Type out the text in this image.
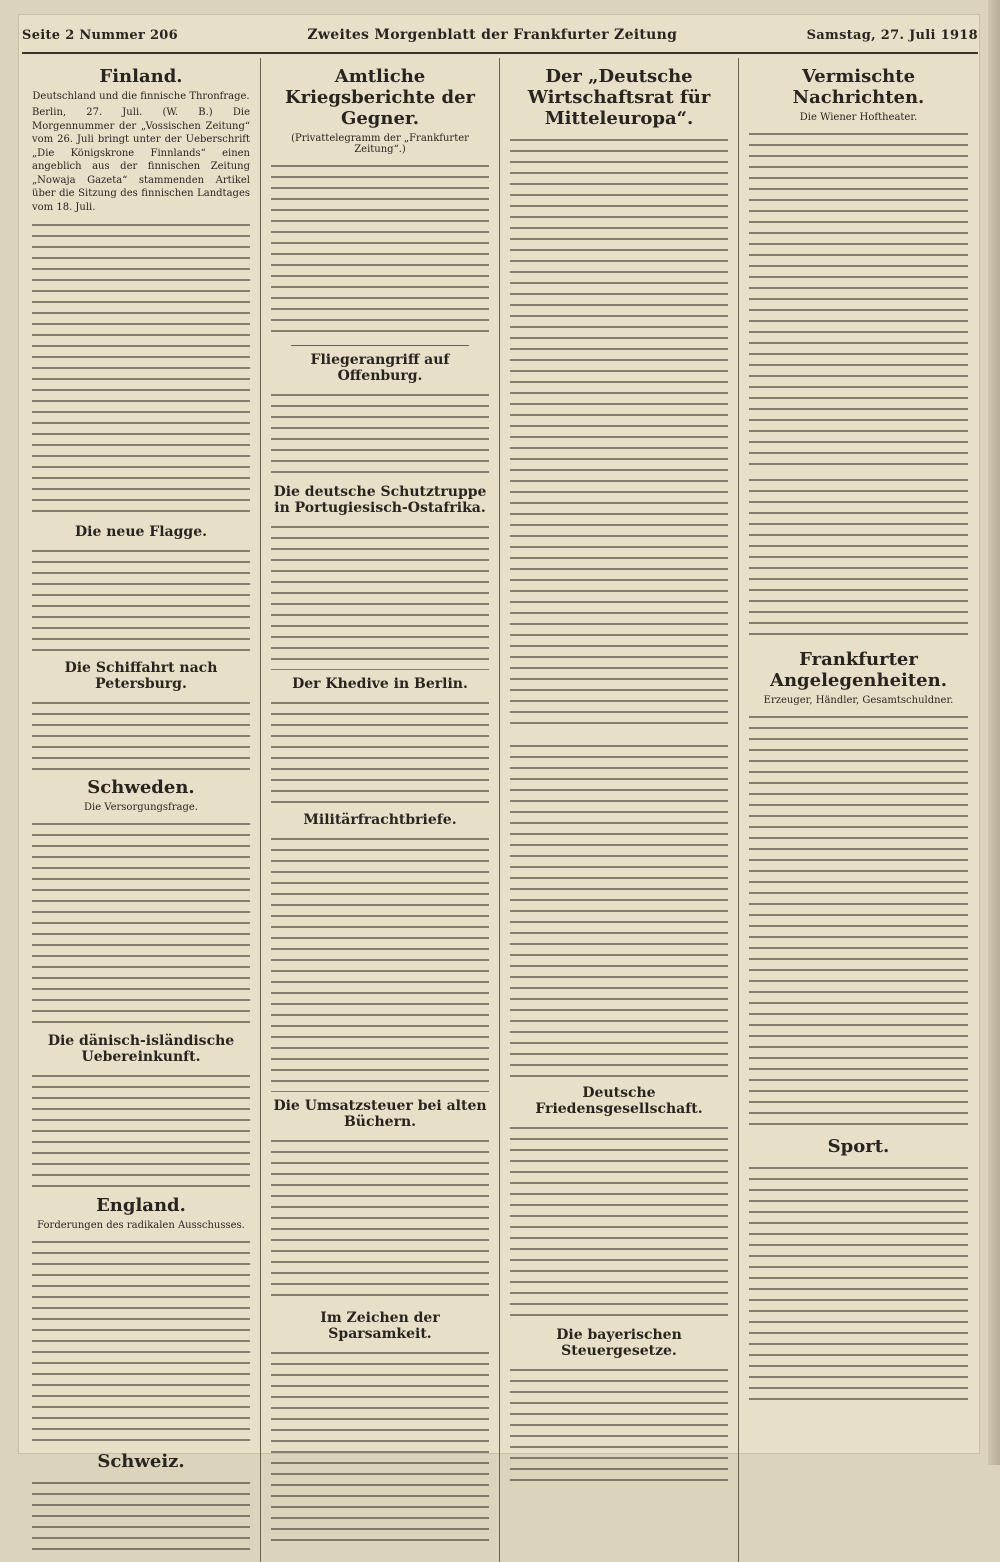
Seite 2 Nummer 206	Zweites Morgenblatt der Frankfurter Zeitung	Samstag, 27. Juli 1918
Finland.
Deutschland und die finnische Thronfrage.
Berlin, 27. Juli. (W. B.) Die Morgennummer der „Vossischen Zeitung“ vom 26. Juli bringt unter der Ueberschrift „Die Königskrone Finnlands“ einen angeblich aus der finnischen Zeitung „Nowaja Gazeta“ stammenden Artikel über die Sitzung des finnischen Landtages vom 18. Juli.
Die neue Flagge.
Die Schiffahrt nach Petersburg.
Schweden.
Die Versorgungsfrage.
Die dänisch-isländische Uebereinkunft.
England.
Forderungen des radikalen Ausschusses.
Schweiz.
Amtliche Kriegsberichte der Gegner.
(Privattelegramm der „Frankfurter Zeitung“.)
Fliegerangriff auf Offenburg.
Die deutsche Schutztruppe in Portugiesisch-Ostafrika.
Der Khedive in Berlin.
Militärfrachtbriefe.
Die Umsatzsteuer bei alten Büchern.
Im Zeichen der Sparsamkeit.
Der „Deutsche Wirtschaftsrat für Mitteleuropa“.
Deutsche Friedensgesellschaft.
Die bayerischen Steuergesetze.
Vermischte Nachrichten.
Die Wiener Hoftheater.
Frankfurter Angelegenheiten.
Erzeuger, Händler, Gesamtschuldner.
Sport.
